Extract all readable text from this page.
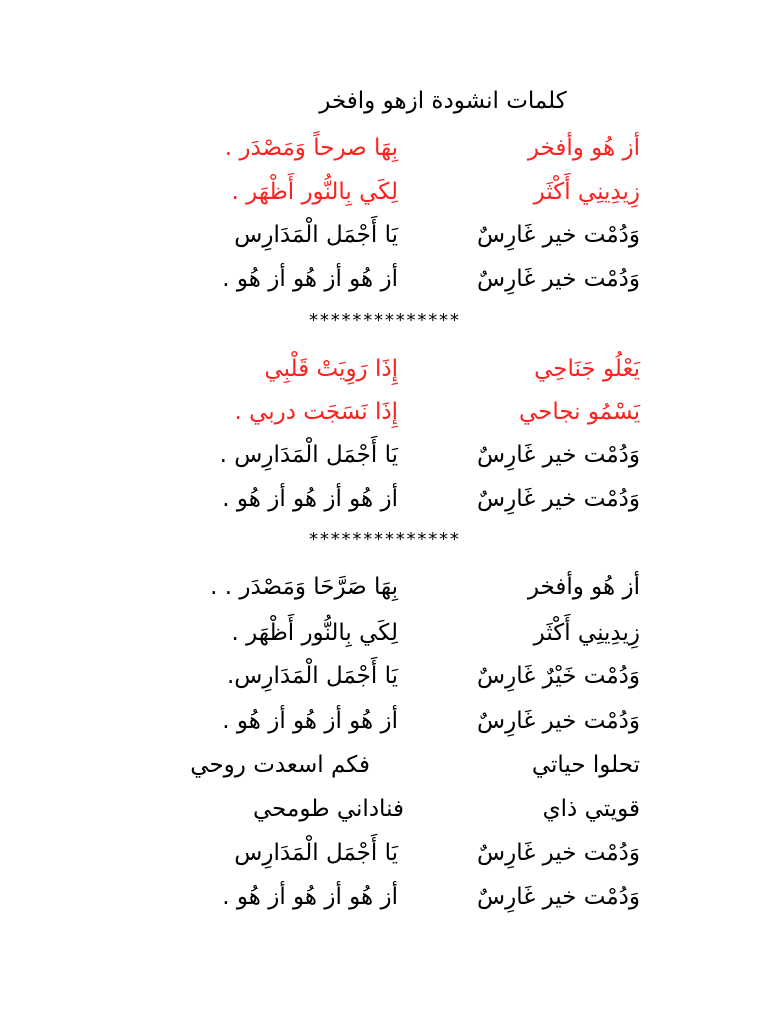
كلمات انشودة ازهو وافخر
أز هُو وأفخر
بِهَا صرحاً وَمَصْدَر .
زِيدِينِي أَكْثَر
لِكَي بِالنُّور أَظْهَر .
وَدُمْت خير غَارِسٌ
يَا أَجْمَل الْمَدَارِس
وَدُمْت خير غَارِسٌ
أز هُو أز هُو أز هُو .
**************
يَعْلُو جَنَاحِي
إِذَا رَوِيَتْ قَلْبِي
يَسْمُو نجاحي
إِذَا نَسَجَت دربي .
وَدُمْت خير غَارِسٌ
يَا أَجْمَل الْمَدَارِس .
وَدُمْت خير غَارِسٌ
أز هُو أز هُو أز هُو .
**************
أز هُو وأفخر
بِهَا صَرَّحَا وَمَصْدَر . .
زِيدِينِي أَكْثَر
لِكَي بِالنُّور أَظْهَر .
وَدُمْت خَيْرٌ غَارِسٌ
يَا أَجْمَل الْمَدَارِس.
وَدُمْت خير غَارِسٌ
أز هُو أز هُو أز هُو .
تحلوا حياتي
فكم اسعدت روحي
قويتي ذاي
فناداني طومحي
وَدُمْت خير غَارِسٌ
يَا أَجْمَل الْمَدَارِس
وَدُمْت خير غَارِسٌ
أز هُو أز هُو أز هُو .
